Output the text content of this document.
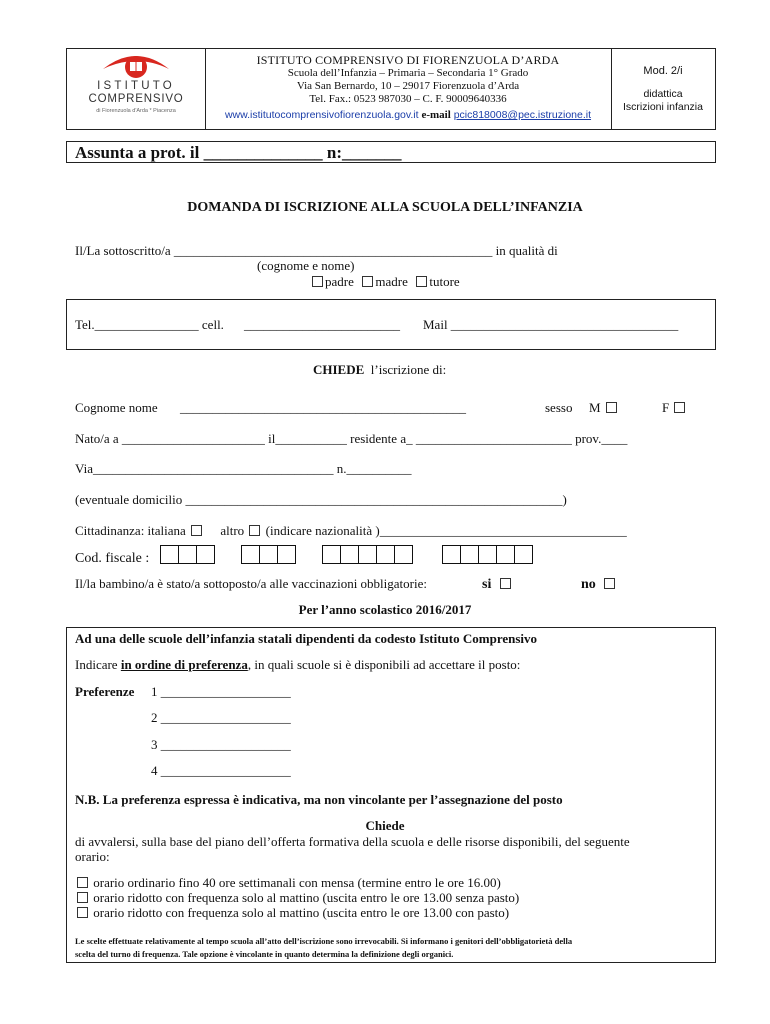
ISTITUTO
COMPRENSIVO
di Fiorenzuola d'Arda * Piacenza
ISTITUTO COMPRENSIVO DI FIORENZUOLA D’ARDA
Scuola dell’Infanzia – Primaria – Secondaria 1° Grado
Via San Bernardo, 10 – 29017 Fiorenzuola d’Arda
Tel. Fax.: 0523 987030 – C. F. 90009640336
www.istitutocomprensivofiorenzuola.gov.it e-mail pcic818008@pec.istruzione.it
Mod. 2/i
didattica
Iscrizioni infanzia
Assunta a prot. il ______________ n:_______
DOMANDA DI ISCRIZIONE ALLA SCUOLA DELL’INFANZIA
Il/La sottoscritto/a _________________________________________________ in qualità di
(cognome e nome)
padre madre tutore
Tel.________________ cell. ________________________ Mail ___________________________________
CHIEDE l’iscrizione di:
Cognome nome ____________________________________________	sesso M	F
Nato/a a ______________________ il___________ residente a_ ________________________ prov.____
Via_____________________________________ n.__________
(eventuale domicilio __________________________________________________________)
Cittadinanza: italiana	altro (indicare nazionalità )______________________________________
Cod. fiscale :
Il/la bambino/a è stato/a sottoposto/a alle vaccinazioni obbligatorie:	si	no
Per l’anno scolastico 2016/2017
Ad una delle scuole dell’infanzia statali dipendenti da codesto Istituto Comprensivo
Indicare in ordine di preferenza, in quali scuole si è disponibili ad accettare il posto:
Preferenze 1 ____________________
2 ____________________
3 ____________________
4 ____________________
N.B. La preferenza espressa è indicativa, ma non vincolante per l’assegnazione del posto
Chiede
di avvalersi, sulla base del piano dell’offerta formativa della scuola e delle risorse disponibili, del seguente
orario:
orario ordinario fino 40 ore settimanali con mensa (termine entro le ore 16.00)
orario ridotto con frequenza solo al mattino (uscita entro le ore 13.00 senza pasto)
orario ridotto con frequenza solo al mattino (uscita entro le ore 13.00 con pasto)
Le scelte effettuate relativamente al tempo scuola all’atto dell’iscrizione sono irrevocabili. Si informano i genitori dell’obbligatorietà della
scelta del turno di frequenza. Tale opzione è vincolante in quanto determina la definizione degli organici.
